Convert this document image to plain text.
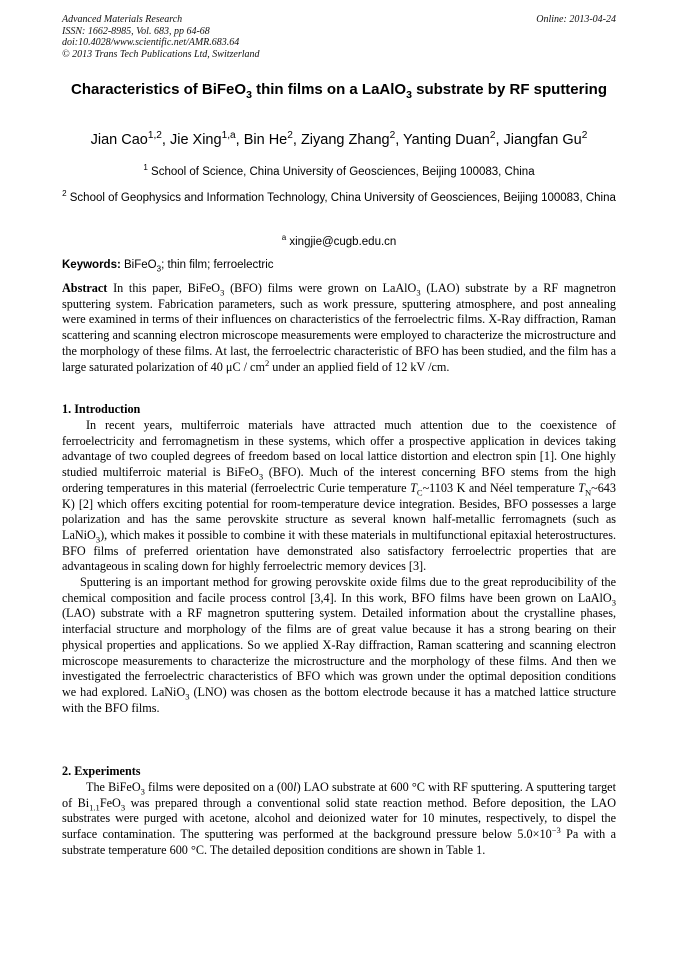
Advanced Materials Research
ISSN: 1662-8985, Vol. 683, pp 64-68
doi:10.4028/www.scientific.net/AMR.683.64
© 2013 Trans Tech Publications Ltd, Switzerland
Online: 2013-04-24
Characteristics of BiFeO$_3$ thin films on a LaAlO$_3$ substrate by RF sputtering
Jian Cao$^{1,2}$, Jie Xing$^{1,a}$, Bin He$^2$, Ziyang Zhang$^2$, Yanting Duan$^2$, Jiangfan Gu$^2$
$^1$ School of Science, China University of Geosciences, Beijing 100083, China
$^2$ School of Geophysics and Information Technology, China University of Geosciences, Beijing 100083, China
$^a$ xingjie@cugb.edu.cn
Keywords: BiFeO$_3$; thin film; ferroelectric

Abstract In this paper, BiFeO$_3$ (BFO) films were grown on LaAlO$_3$ (LAO) substrate by a RF magnetron sputtering system. Fabrication parameters, such as work pressure, sputtering atmosphere, and post annealing were examined in terms of their influences on characteristics of the ferroelectric films. X-Ray diffraction, Raman scattering and scanning electron microscope measurements were employed to characterize the microstructure and the morphology of these films. At last, the ferroelectric characteristic of BFO has been studied, and the film has a large saturated polarization of 40 μC / $cm^2$ under an applied field of 12 kV /cm.

1. Introduction

In recent years, multiferroic materials have attracted much attention due to the coexistence of ferroelectricity and ferromagnetism in these systems, which offer a prospective application in devices taking advantage of two coupled degrees of freedom based on local lattice distortion and electron spin [1]. One highly studied multiferroic material is BiFeO$_3$ (BFO). Much of the interest concerning BFO stems from the high ordering temperatures in this material (ferroelectric Curie temperature $T_C\sim 1103$ K and Néel temperature $T_N\sim 643$ K) [2] which offers exciting potential for room-temperature device integration. Besides, BFO possesses a large polarization and has the same perovskite structure as several known half-metallic ferromagnets (such as LaNiO$_3$), which makes it possible to combine it with these materials in multifunctional epitaxial heterostructures. BFO films of preferred orientation have demonstrated also satisfactory ferroelectric properties that are advantageous in scaling down for highly ferroelectric memory devices [3].

Sputtering is an important method for growing perovskite oxide films due to the great reproducibility of the chemical composition and facile process control [3,4]. In this work, BFO films have been grown on LaAlO$_3$ (LAO) substrate with a RF magnetron sputtering system. Detailed information about the crystalline phases, interfacial structure and morphology of the films are of great value because it has a strong bearing on their physical properties and applications. So we applied X-Ray diffraction, Raman scattering and scanning electron microscope measurements to characterize the microstructure and the morphology of these films. And then we investigated the ferroelectric characteristics of BFO which was grown under the optimal deposition conditions we had explored. LaNiO$_3$ (LNO) was chosen as the bottom electrode because it has a matched lattice structure with the BFO films.

2. Experiments

The BiFeO$_3$ films were deposited on a (00l) LAO substrate at 600 °C with RF sputtering. A sputtering target of $Bi_{1.1}FeO_3$ was prepared through a conventional solid state reaction method. Before deposition, the LAO substrates were purged with acetone, alcohol and deionized water for 10 minutes, respectively, to dispel the surface contamination. The sputtering was performed at the background pressure below $5.0\times 10^{-3}$ Pa with a substrate temperature 600 °C. The detailed deposition conditions are shown in Table 1.
